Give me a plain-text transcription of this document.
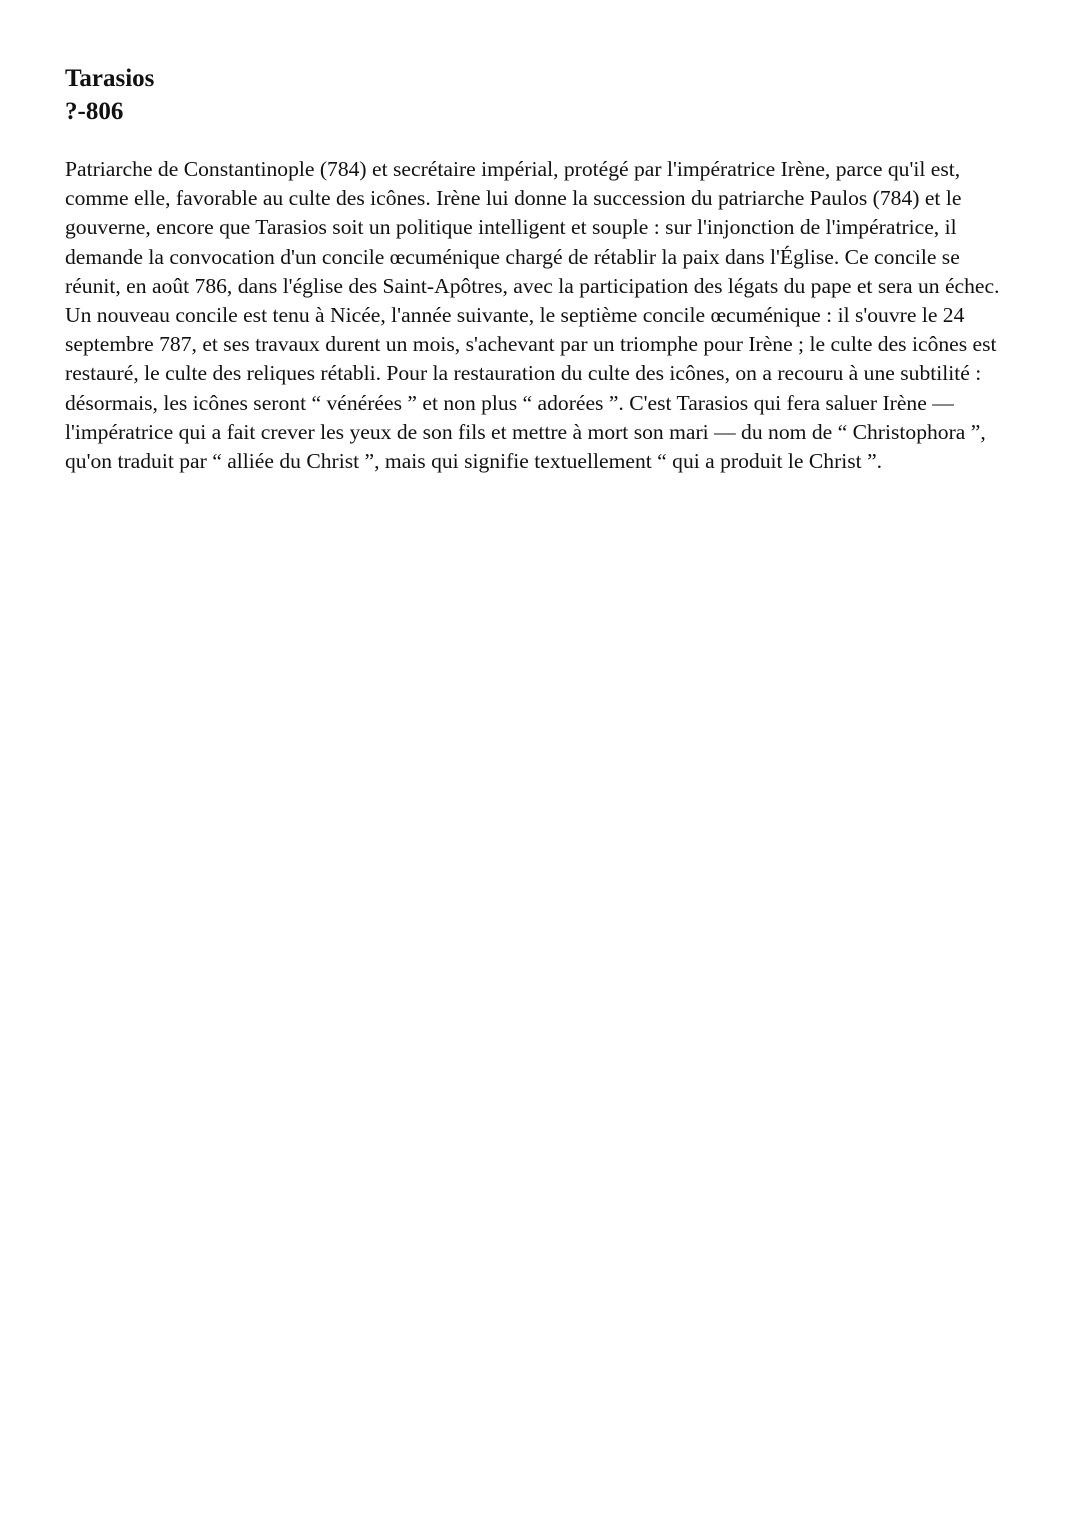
Tarasios
?-806

Patriarche de Constantinople (784) et secrétaire impérial, protégé par l'impératrice Irène, parce qu'il est, comme elle, favorable au culte des icônes. Irène lui donne la succession du patriarche Paulos (784) et le gouverne, encore que Tarasios soit un politique intelligent et souple : sur l'injonction de l'impératrice, il demande la convocation d'un concile œcuménique chargé de rétablir la paix dans l'Église. Ce concile se réunit, en août 786, dans l'église des Saint-Apôtres, avec la participation des légats du pape et sera un échec. Un nouveau concile est tenu à Nicée, l'année suivante, le septième concile œcuménique : il s'ouvre le 24 septembre 787, et ses travaux durent un mois, s'achevant par un triomphe pour Irène ; le culte des icônes est restauré, le culte des reliques rétabli. Pour la restauration du culte des icônes, on a recouru à une subtilité : désormais, les icônes seront “ vénérées ” et non plus “ adorées ”. C'est Tarasios qui fera saluer Irène — l'impératrice qui a fait crever les yeux de son fils et mettre à mort son mari — du nom de “ Christophora ”, qu'on traduit par “ alliée du Christ ”, mais qui signifie textuellement “ qui a produit le Christ ”.
